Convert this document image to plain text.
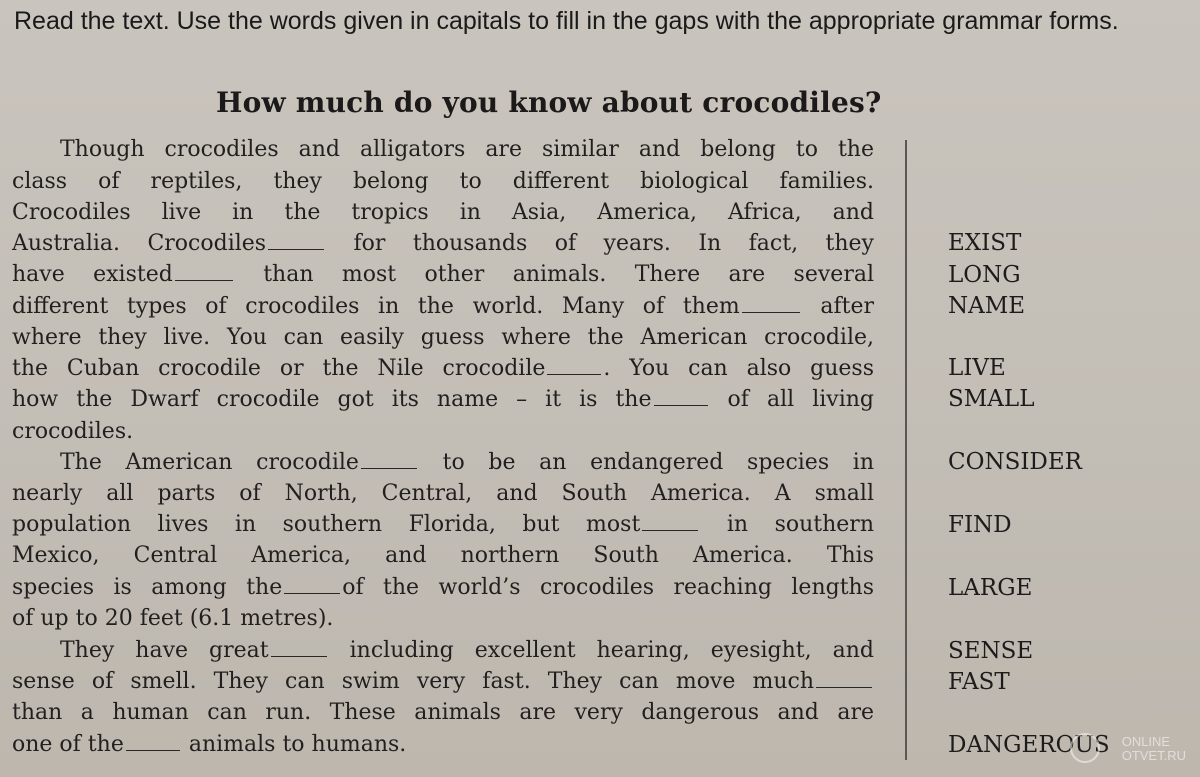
Read the text. Use the words given in capitals to fill in the gaps with the appropriate grammar forms.
How much do you know about crocodiles?
Though crocodiles and alligators are similar and belong to the
class of reptiles, they belong to different biological families.
Crocodiles live in the tropics in Asia, America, Africa, and
Australia. Crocodiles	for thousands of years. In fact, they
have existed	than most other animals. There are several
different types of crocodiles in the world. Many of them	after
where they live. You can easily guess where the American crocodile,
the Cuban crocodile or the Nile crocodile	. You can also guess
how the Dwarf crocodile got its name – it is the	of all living
crocodiles.
The American crocodile	to be an endangered species in
nearly all parts of North, Central, and South America. A small
population lives in southern Florida, but most	in southern
Mexico, Central America, and northern South America. This
species is among the	of the world’s crocodiles reaching lengths
of up to 20 feet (6.1 metres).
They have great	including excellent hearing, eyesight, and
sense of smell. They can swim very fast. They can move much
than a human can run. These animals are very dangerous and are
one of the	animals to humans.
EXIST
LONG
NAME
LIVE
SMALL
CONSIDER
FIND
LARGE
SENSE
FAST
DANGEROUS ONLINE
OTVET.RU
